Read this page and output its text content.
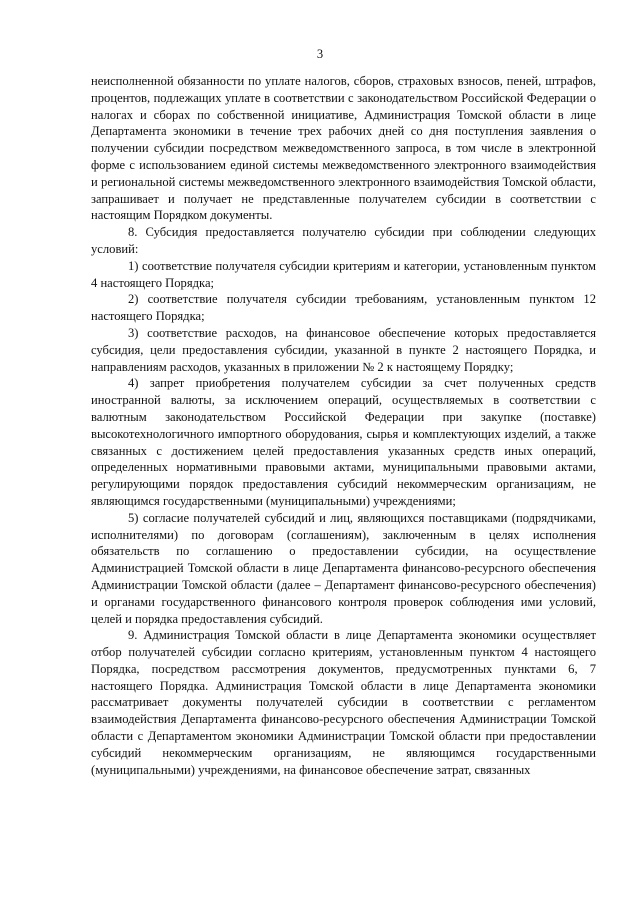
3

неисполненной обязанности по уплате налогов, сборов, страховых взносов, пеней, штрафов, процентов, подлежащих уплате в соответствии с законодательством Российской Федерации о налогах и сборах по собственной инициативе, Администрация Томской области в лице Департамента экономики в течение трех рабочих дней со дня поступления заявления о получении субсидии посредством межведомственного запроса, в том числе в электронной форме с использованием единой системы межведомственного электронного взаимодействия и региональной системы межведомственного электронного взаимодействия Томской области, запрашивает и получает не представленные получателем субсидии в соответствии с настоящим Порядком документы.

8. Субсидия предоставляется получателю субсидии при соблюдении следующих условий:

1) соответствие получателя субсидии критериям и категории, установленным пунктом 4 настоящего Порядка;

2) соответствие получателя субсидии требованиям, установленным пунктом 12 настоящего Порядка;

3) соответствие расходов, на финансовое обеспечение которых предоставляется субсидия, цели предоставления субсидии, указанной в пункте 2 настоящего Порядка, и направлениям расходов, указанных в приложении № 2 к настоящему Порядку;

4) запрет приобретения получателем субсидии за счет полученных средств иностранной валюты, за исключением операций, осуществляемых в соответствии с валютным законодательством Российской Федерации при закупке (поставке) высокотехнологичного импортного оборудования, сырья и комплектующих изделий, а также связанных с достижением целей предоставления указанных средств иных операций, определенных нормативными правовыми актами, муниципальными правовыми актами, регулирующими порядок предоставления субсидий некоммерческим организациям, не являющимся государственными (муниципальными) учреждениями;

5) согласие получателей субсидий и лиц, являющихся поставщиками (подрядчиками, исполнителями) по договорам (соглашениям), заключенным в целях исполнения обязательств по соглашению о предоставлении субсидии, на осуществление Администрацией Томской области в лице Департамента финансово-ресурсного обеспечения Администрации Томской области (далее – Департамент финансово-ресурсного обеспечения) и органами государственного финансового контроля проверок соблюдения ими условий, целей и порядка предоставления субсидий.

9. Администрация Томской области в лице Департамента экономики осуществляет отбор получателей субсидии согласно критериям, установленным пунктом 4 настоящего Порядка, посредством рассмотрения документов, предусмотренных пунктами 6, 7 настоящего Порядка. Администрация Томской области в лице Департамента экономики рассматривает документы получателей субсидии в соответствии с регламентом взаимодействия Департамента финансово-ресурсного обеспечения Администрации Томской области с Департаментом экономики Администрации Томской области при предоставлении субсидий некоммерческим организациям, не являющимся государственными (муниципальными) учреждениями, на финансовое обеспечение затрат, связанных
